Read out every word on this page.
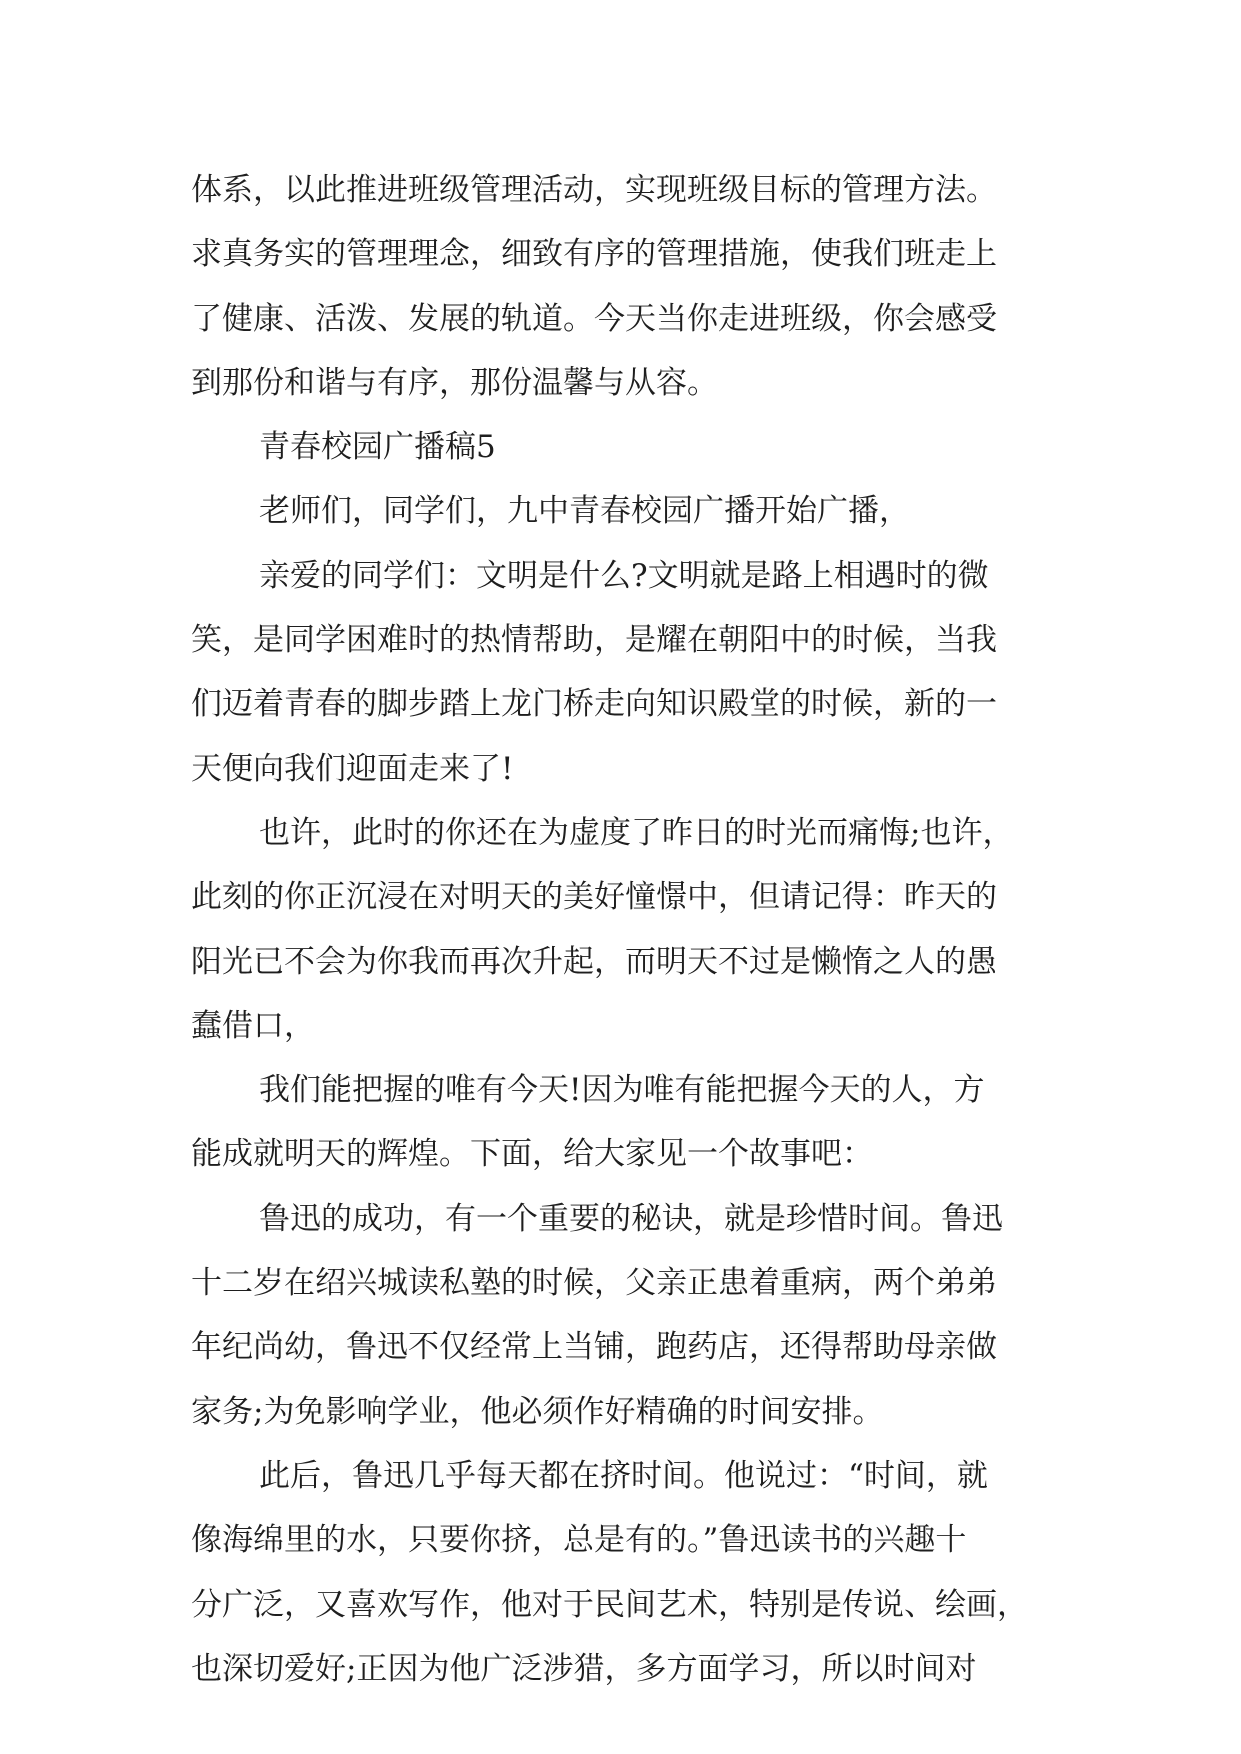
体系，以此推进班级管理活动，实现班级目标的管理方法。
求真务实的管理理念，细致有序的管理措施，使我们班走上
了健康、活泼、发展的轨道。今天当你走进班级，你会感受
到那份和谐与有序，那份温馨与从容。
青春校园广播稿5
老师们，同学们，九中青春校园广播开始广播，
亲爱的同学们：文明是什么?文明就是路上相遇时的微
笑，是同学困难时的热情帮助，是耀在朝阳中的时候，当我
们迈着青春的脚步踏上龙门桥走向知识殿堂的时候，新的一
天便向我们迎面走来了!
也许，此时的你还在为虚度了昨日的时光而痛悔;也许，
此刻的你正沉浸在对明天的美好憧憬中，但请记得：昨天的
阳光已不会为你我而再次升起，而明天不过是懒惰之人的愚
蠢借口，
我们能把握的唯有今天!因为唯有能把握今天的人，方
能成就明天的辉煌。下面，给大家见一个故事吧：
鲁迅的成功，有一个重要的秘诀，就是珍惜时间。鲁迅
十二岁在绍兴城读私塾的时候，父亲正患着重病，两个弟弟
年纪尚幼，鲁迅不仅经常上当铺，跑药店，还得帮助母亲做
家务;为免影响学业，他必须作好精确的时间安排。
此后，鲁迅几乎每天都在挤时间。他说过：“时间，就
像海绵里的水，只要你挤，总是有的。”鲁迅读书的兴趣十
分广泛，又喜欢写作，他对于民间艺术，特别是传说、绘画，
也深切爱好;正因为他广泛涉猎，多方面学习，所以时间对
